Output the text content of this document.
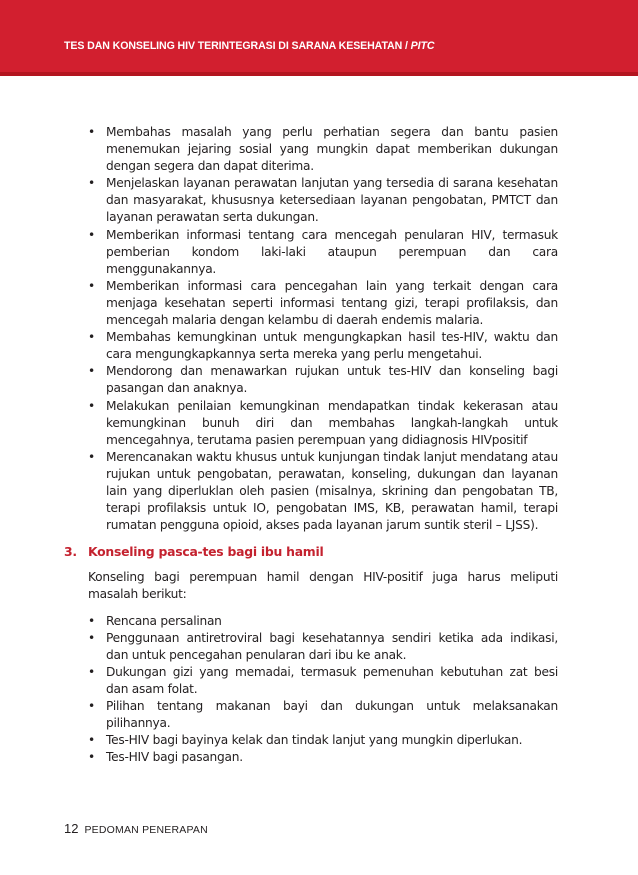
TES DAN KONSELING HIV TERINTEGRASI DI SARANA KESEHATAN / PITC
• Membahas masalah yang perlu perhatian segera dan bantu pasien menemukan jejaring sosial yang mungkin dapat memberikan dukungan dengan segera dan dapat diterima.
• Menjelaskan layanan perawatan lanjutan yang tersedia di sarana kesehatan dan masyarakat, khususnya ketersediaan layanan pengobatan, PMTCT dan layanan perawatan serta dukungan.
• Memberikan informasi tentang cara mencegah penularan HIV, termasuk pemberian kondom laki-laki ataupun perempuan dan cara menggunakannya.
• Memberikan informasi cara pencegahan lain yang terkait dengan cara menjaga kesehatan seperti informasi tentang gizi, terapi profilaksis, dan mencegah malaria dengan kelambu di daerah endemis malaria.
• Membahas kemungkinan untuk mengungkapkan hasil tes-HIV, waktu dan cara mengungkapkannya serta mereka yang perlu mengetahui.
• Mendorong dan menawarkan rujukan untuk tes-HIV dan konseling bagi pasangan dan anaknya.
• Melakukan penilaian kemungkinan mendapatkan tindak kekerasan atau kemungkinan bunuh diri dan membahas langkah-langkah untuk mencegahnya, terutama pasien perempuan yang didiagnosis HIVpositif
• Merencanakan waktu khusus untuk kunjungan tindak lanjut mendatang atau rujukan untuk pengobatan, perawatan, konseling, dukungan dan layanan lain yang diperluklan oleh pasien (misalnya, skrining dan pengobatan TB, terapi profilaksis untuk IO, pengobatan IMS, KB, perawatan hamil, terapi rumatan pengguna opioid, akses pada layanan jarum suntik steril – LJSS).
3. Konseling pasca-tes bagi ibu hamil

Konseling bagi perempuan hamil dengan HIV-positif juga harus meliputi masalah berikut:

• Rencana persalinan
• Penggunaan antiretroviral bagi kesehatannya sendiri ketika ada indikasi, dan untuk pencegahan penularan dari ibu ke anak.
• Dukungan gizi yang memadai, termasuk pemenuhan kebutuhan zat besi dan asam folat.
• Pilihan tentang makanan bayi dan dukungan untuk melaksanakan pilihannya.
• Tes-HIV bagi bayinya kelak dan tindak lanjut yang mungkin diperlukan.
• Tes-HIV bagi pasangan.
12 PEDOMAN PENERAPAN
